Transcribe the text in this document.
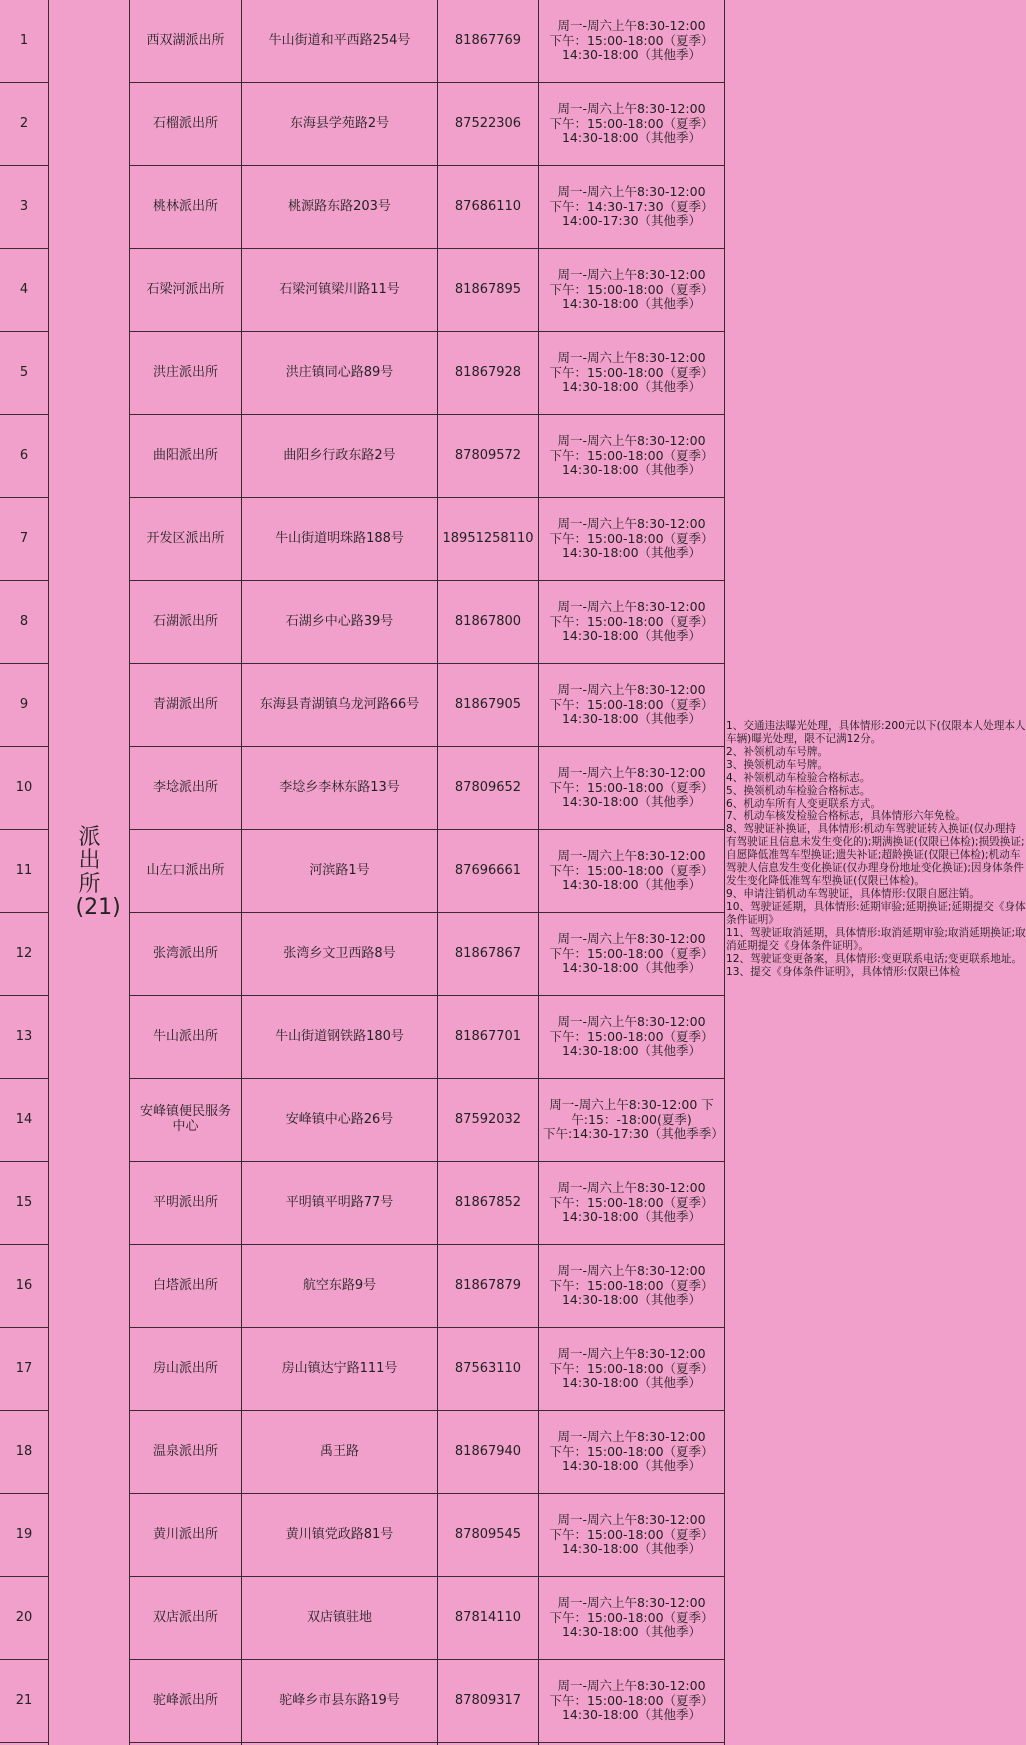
派出所(21)
1	西双湖派出所	牛山街道和平西路254号	81867769
周一-周六上午8:30-12:00
下午：15:00-18:00（夏季）
14:30-18:00（其他季）
2	石榴派出所	东海县学苑路2号	87522306
周一-周六上午8:30-12:00
下午：15:00-18:00（夏季）
14:30-18:00（其他季）
3	桃林派出所	桃源路东路203号	87686110
周一-周六上午8:30-12:00
下午：14:30-17:30（夏季）
14:00-17:30（其他季）
4	石梁河派出所	石梁河镇梁川路11号	81867895
周一-周六上午8:30-12:00
下午：15:00-18:00（夏季）
14:30-18:00（其他季）
5	洪庄派出所	洪庄镇同心路89号	81867928
周一-周六上午8:30-12:00
下午：15:00-18:00（夏季）
14:30-18:00（其他季）
6	曲阳派出所	曲阳乡行政东路2号	87809572
周一-周六上午8:30-12:00
下午：15:00-18:00（夏季）
14:30-18:00（其他季）
7	开发区派出所	牛山街道明珠路188号	18951258110
周一-周六上午8:30-12:00
下午：15:00-18:00（夏季）
14:30-18:00（其他季）
8	石湖派出所	石湖乡中心路39号	81867800
周一-周六上午8:30-12:00
下午：15:00-18:00（夏季）
14:30-18:00（其他季）
9	青湖派出所	东海县青湖镇乌龙河路66号	81867905
周一-周六上午8:30-12:00
下午：15:00-18:00（夏季）
14:30-18:00（其他季）
10	李埝派出所	李埝乡李林东路13号	87809652
周一-周六上午8:30-12:00
下午：15:00-18:00（夏季）
14:30-18:00（其他季）
11	山左口派出所	河滨路1号	87696661
周一-周六上午8:30-12:00
下午：15:00-18:00（夏季）
14:30-18:00（其他季）
12	张湾派出所	张湾乡文卫西路8号	81867867
周一-周六上午8:30-12:00
下午：15:00-18:00（夏季）
14:30-18:00（其他季）
13	牛山派出所	牛山街道钢铁路180号	81867701
周一-周六上午8:30-12:00
下午：15:00-18:00（夏季）
14:30-18:00（其他季）
14	安峰镇便民服务中心	安峰镇中心路26号	87592032
周一-周六上午8:30-12:00 下午:15：-18:00(夏季)
下午:14:30-17:30（其他季季）
15	平明派出所	平明镇平明路77号	81867852
周一-周六上午8:30-12:00
下午：15:00-18:00（夏季）
14:30-18:00（其他季）
16	白塔派出所	航空东路9号	81867879
周一-周六上午8:30-12:00
下午：15:00-18:00（夏季）
14:30-18:00（其他季）
17	房山派出所	房山镇达宁路111号	87563110
周一-周六上午8:30-12:00
下午：15:00-18:00（夏季）
14:30-18:00（其他季）
18	温泉派出所	禹王路	81867940
周一-周六上午8:30-12:00
下午：15:00-18:00（夏季）
14:30-18:00（其他季）
19	黄川派出所	黄川镇党政路81号	87809545
周一-周六上午8:30-12:00
下午：15:00-18:00（夏季）
14:30-18:00（其他季）
20	双店派出所	双店镇驻地	87814110
周一-周六上午8:30-12:00
下午：15:00-18:00（夏季）
14:30-18:00（其他季）
21	驼峰派出所	驼峰乡市县东路19号	87809317
周一-周六上午8:30-12:00
下午：15:00-18:00（夏季）
14:30-18:00（其他季）
1、交通违法曝光处理，具体情形:200元以下(仅限本人处理本人车辆)曝光处理，限不记满12分。
2、补领机动车号牌。
3、换领机动车号牌。
4、补领机动车检验合格标志。
5、换领机动车检验合格标志。
6、机动车所有人变更联系方式。
7、机动车核发检验合格标志，具体情形六年免检。
8、驾驶证补换证，具体情形:机动车驾驶证转入换证(仅办理持有驾驶证且信息未发生变化的);期满换证(仅限已体检);损毁换证;自愿降低准驾车型换证;遗失补证;超龄换证(仅限已体检);机动车驾驶人信息发生变化换证(仅办理身份地址变化换证);因身体条件发生变化降低准驾车型换证(仅限已体检)。
9、申请注销机动车驾驶证，具体情形:仅限自愿注销。
10、驾驶证延期，具体情形:延期审验;延期换证;延期提交《身体条件证明》
11、驾驶证取消延期，具体情形:取消延期审验;取消延期换证;取消延期提交《身体条件证明》。
12、驾驶证变更备案，具体情形:变更联系电话;变更联系地址。
13、提交《身体条件证明》，具体情形:仅限已体检
